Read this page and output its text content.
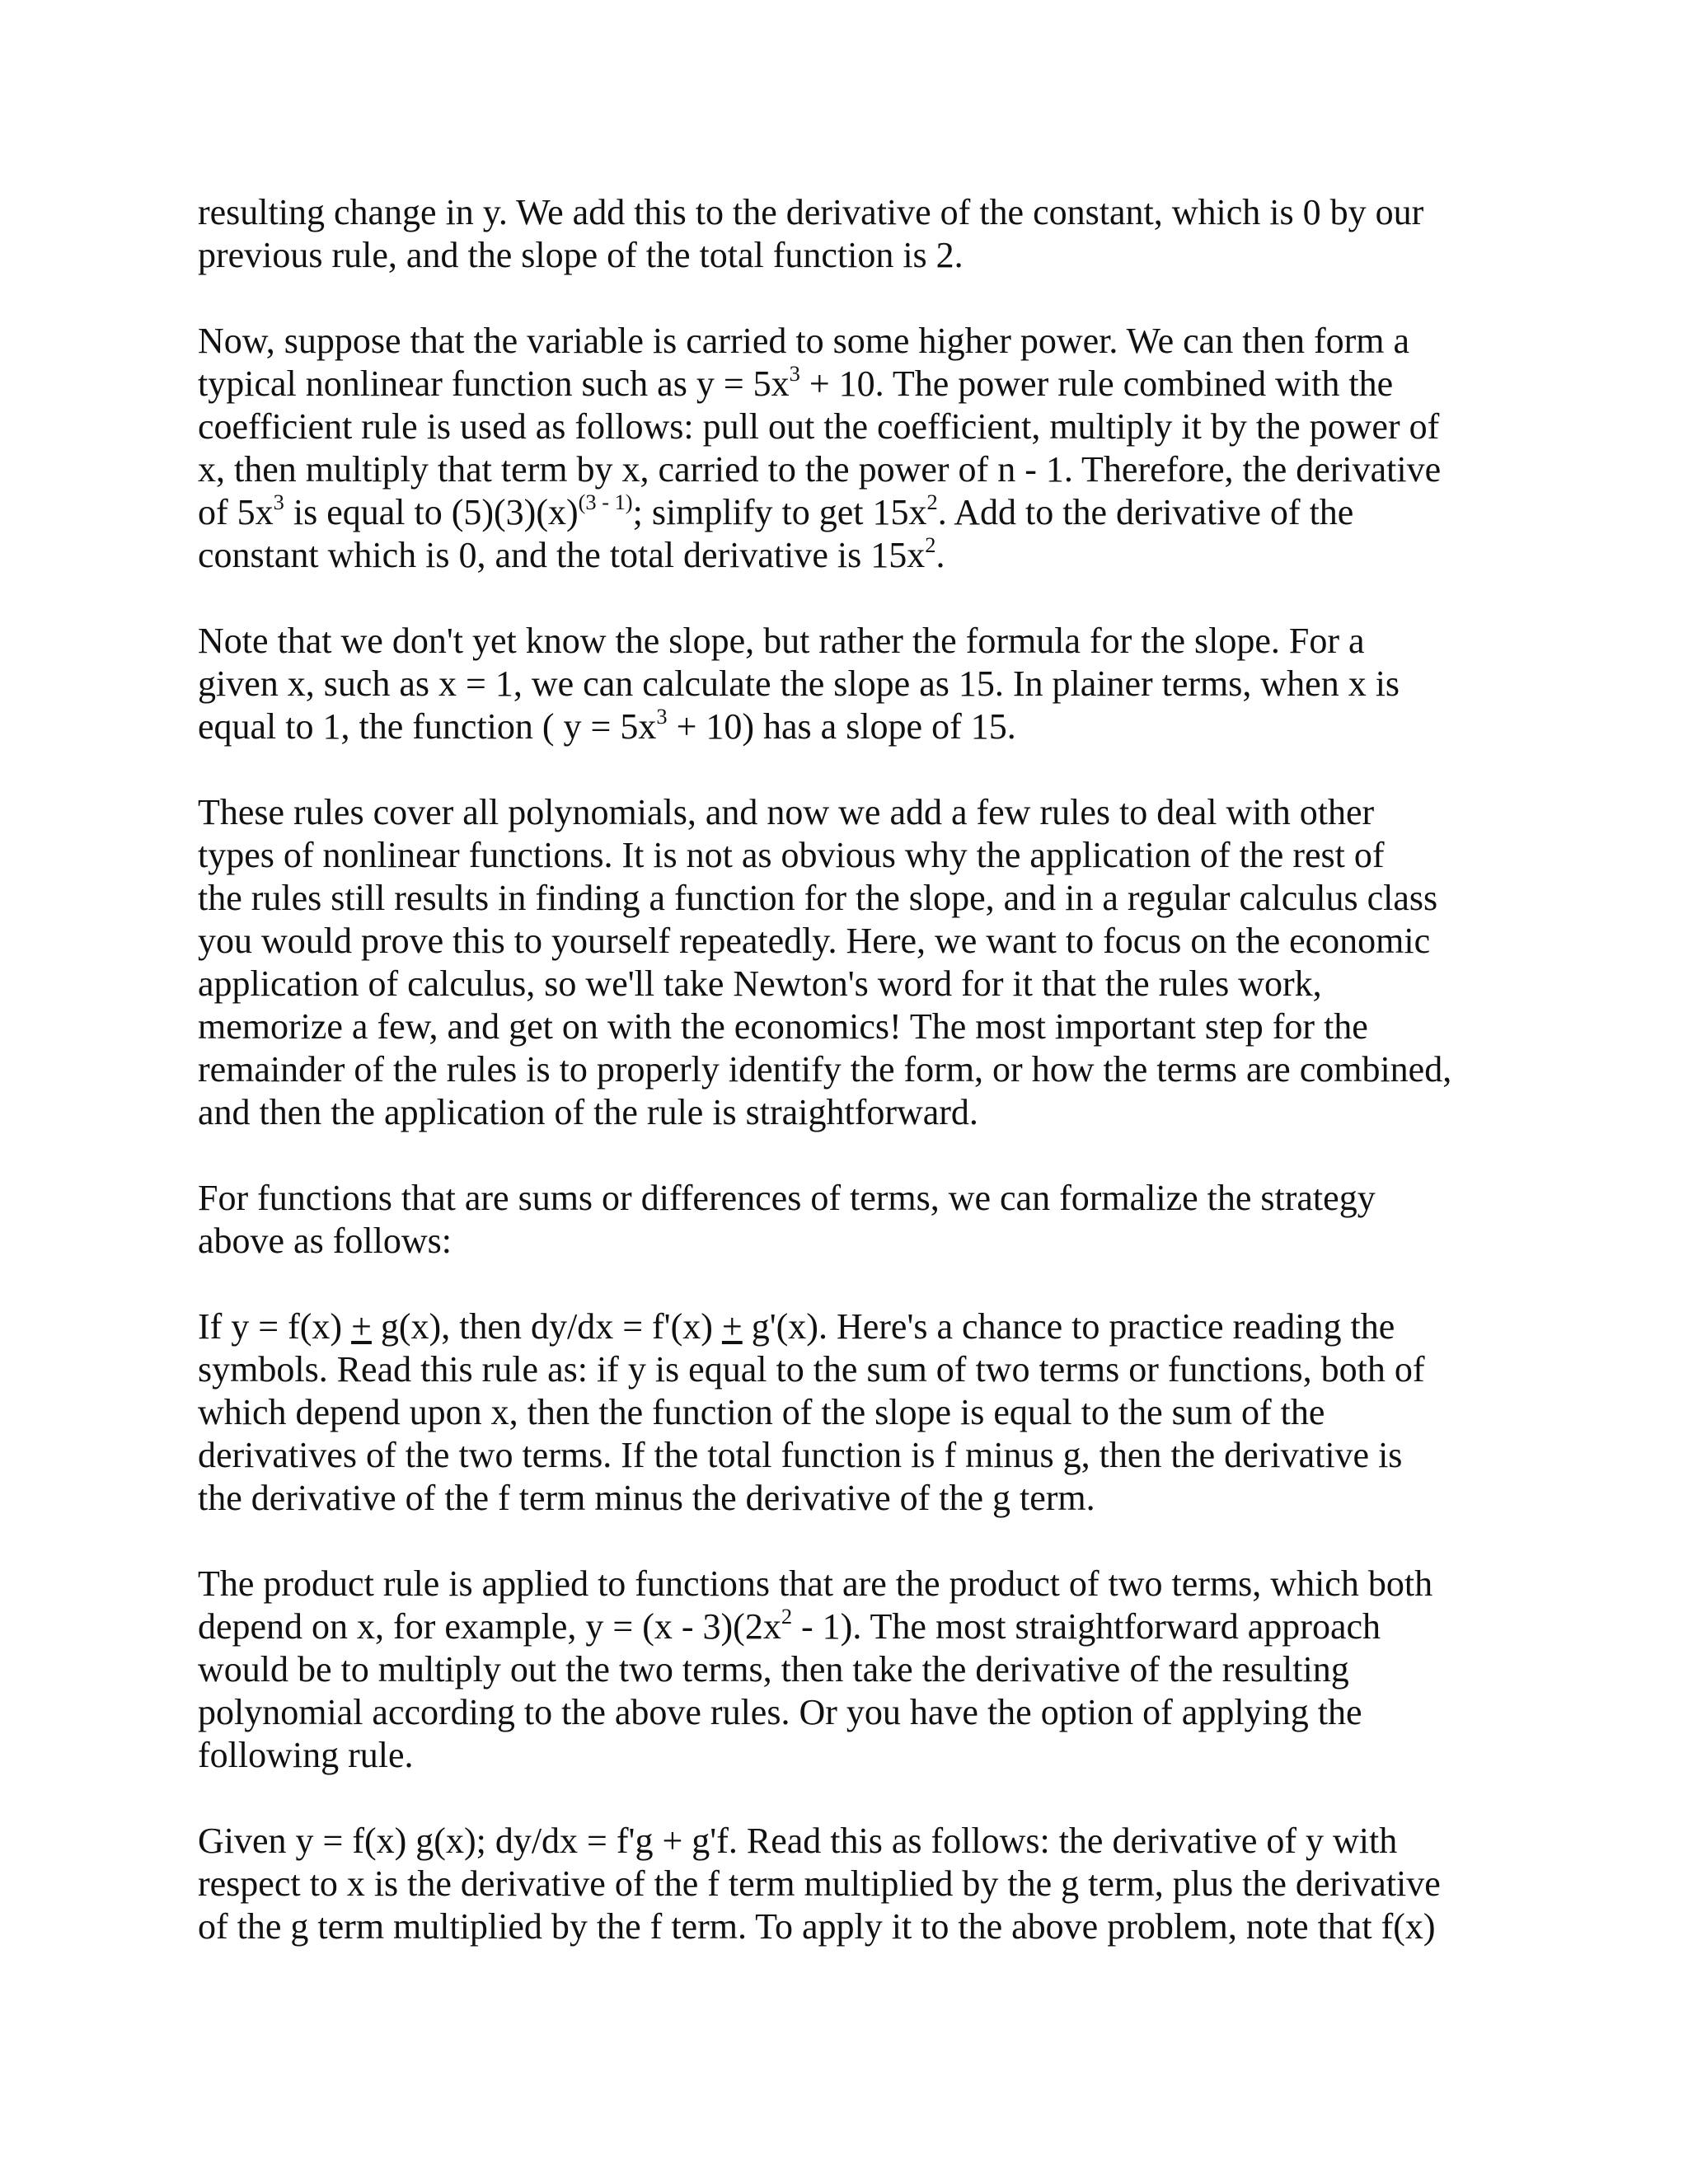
resulting change in y. We add this to the derivative of the constant, which is 0 by our
previous rule, and the slope of the total function is 2.

Now, suppose that the variable is carried to some higher power. We can then form a
typical nonlinear function such as $y = 5x^3 + 10$. The power rule combined with the
coefficient rule is used as follows: pull out the coefficient, multiply it by the power of
x, then multiply that term by x, carried to the power of n - 1. Therefore, the derivative
of $5x^3$ is equal to $(5)(3)(x)^{(3 - 1)}$; simplify to get $15x^2$. Add to the derivative of the
constant which is 0, and the total derivative is $15x^2$.

Note that we don't yet know the slope, but rather the formula for the slope. For a
given x, such as x = 1, we can calculate the slope as 15. In plainer terms, when x is
equal to 1, the function ( $y = 5x^3 + 10$) has a slope of 15.

These rules cover all polynomials, and now we add a few rules to deal with other
types of nonlinear functions. It is not as obvious why the application of the rest of
the rules still results in finding a function for the slope, and in a regular calculus class
you would prove this to yourself repeatedly. Here, we want to focus on the economic
application of calculus, so we'll take Newton's word for it that the rules work,
memorize a few, and get on with the economics! The most important step for the
remainder of the rules is to properly identify the form, or how the terms are combined,
and then the application of the rule is straightforward.

For functions that are sums or differences of terms, we can formalize the strategy
above as follows:

If y = f(x) + g(x), then dy/dx = f'(x) + g'(x). Here's a chance to practice reading the
symbols. Read this rule as: if y is equal to the sum of two terms or functions, both of
which depend upon x, then the function of the slope is equal to the sum of the
derivatives of the two terms. If the total function is f minus g, then the derivative is
the derivative of the f term minus the derivative of the g term.

The product rule is applied to functions that are the product of two terms, which both
depend on x, for example, $y = (x - 3)(2x^2 - 1)$. The most straightforward approach
would be to multiply out the two terms, then take the derivative of the resulting
polynomial according to the above rules. Or you have the option of applying the
following rule.

Given y = f(x) g(x); dy/dx = f'g + g'f. Read this as follows: the derivative of y with
respect to x is the derivative of the f term multiplied by the g term, plus the derivative
of the g term multiplied by the f term. To apply it to the above problem, note that f(x)
